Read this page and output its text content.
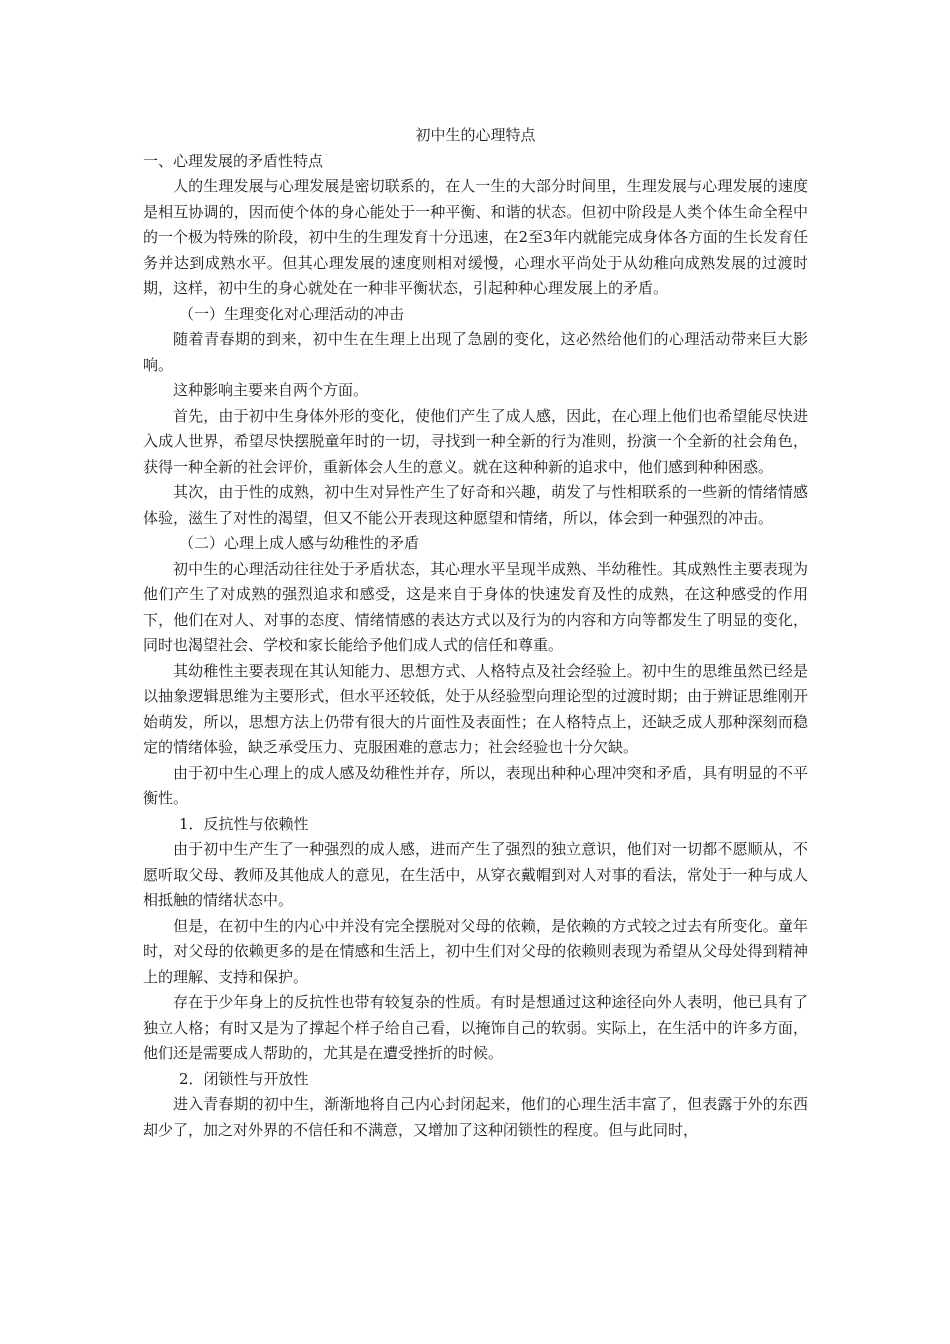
初中生的心理特点
一、心理发展的矛盾性特点

人的生理发展与心理发展是密切联系的，在人一生的大部分时间里，生理发展与心理发展的速度是相互协调的，因而使个体的身心能处于一种平衡、和谐的状态。但初中阶段是人类个体生命全程中的一个极为特殊的阶段，初中生的生理发育十分迅速，在2至3年内就能完成身体各方面的生长发育任务并达到成熟水平。但其心理发展的速度则相对缓慢，心理水平尚处于从幼稚向成熟发展的过渡时期，这样，初中生的身心就处在一种非平衡状态，引起种种心理发展上的矛盾。

（一）生理变化对心理活动的冲击

随着青春期的到来，初中生在生理上出现了急剧的变化，这必然给他们的心理活动带来巨大影响。

这种影响主要来自两个方面。

首先，由于初中生身体外形的变化，使他们产生了成人感，因此，在心理上他们也希望能尽快进入成人世界，希望尽快摆脱童年时的一切，寻找到一种全新的行为准则，扮演一个全新的社会角色，获得一种全新的社会评价，重新体会人生的意义。就在这种种新的追求中，他们感到种种困惑。

其次，由于性的成熟，初中生对异性产生了好奇和兴趣，萌发了与性相联系的一些新的情绪情感体验，滋生了对性的渴望，但又不能公开表现这种愿望和情绪，所以，体会到一种强烈的冲击。

（二）心理上成人感与幼稚性的矛盾

初中生的心理活动往往处于矛盾状态，其心理水平呈现半成熟、半幼稚性。其成熟性主要表现为他们产生了对成熟的强烈追求和感受，这是来自于身体的快速发育及性的成熟，在这种感受的作用下，他们在对人、对事的态度、情绪情感的表达方式以及行为的内容和方向等都发生了明显的变化，同时也渴望社会、学校和家长能给予他们成人式的信任和尊重。

其幼稚性主要表现在其认知能力、思想方式、人格特点及社会经验上。初中生的思维虽然已经是以抽象逻辑思维为主要形式，但水平还较低，处于从经验型向理论型的过渡时期；由于辨证思维刚开始萌发，所以，思想方法上仍带有很大的片面性及表面性；在人格特点上，还缺乏成人那种深刻而稳定的情绪体验，缺乏承受压力、克服困难的意志力；社会经验也十分欠缺。

由于初中生心理上的成人感及幼稚性并存，所以，表现出种种心理冲突和矛盾，具有明显的不平衡性。

1．反抗性与依赖性

由于初中生产生了一种强烈的成人感，进而产生了强烈的独立意识，他们对一切都不愿顺从，不愿听取父母、教师及其他成人的意见，在生活中，从穿衣戴帽到对人对事的看法，常处于一种与成人相抵触的情绪状态中。

但是，在初中生的内心中并没有完全摆脱对父母的依赖，是依赖的方式较之过去有所变化。童年时，对父母的依赖更多的是在情感和生活上，初中生们对父母的依赖则表现为希望从父母处得到精神上的理解、支持和保护。

存在于少年身上的反抗性也带有较复杂的性质。有时是想通过这种途径向外人表明，他已具有了独立人格；有时又是为了撑起个样子给自己看，以掩饰自己的软弱。实际上，在生活中的许多方面，他们还是需要成人帮助的，尤其是在遭受挫折的时候。

2．闭锁性与开放性

进入青春期的初中生，渐渐地将自己内心封闭起来，他们的心理生活丰富了，但表露于外的东西却少了，加之对外界的不信任和不满意，又增加了这种闭锁性的程度。但与此同时，
